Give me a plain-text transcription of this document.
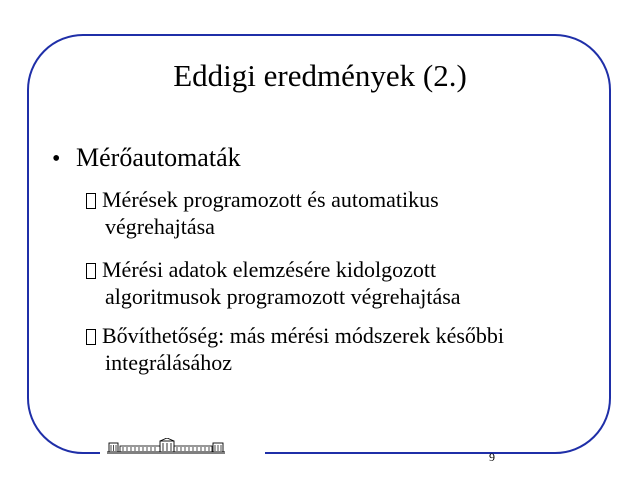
Eddigi eredmények (2.)
• Mérőautomaták
Mérések programozott és automatikus
végrehajtása
Mérési adatok elemzésére kidolgozott
algoritmusok programozott végrehajtása
Bővíthetőség: más mérési módszerek későbbi
integrálásához
9
